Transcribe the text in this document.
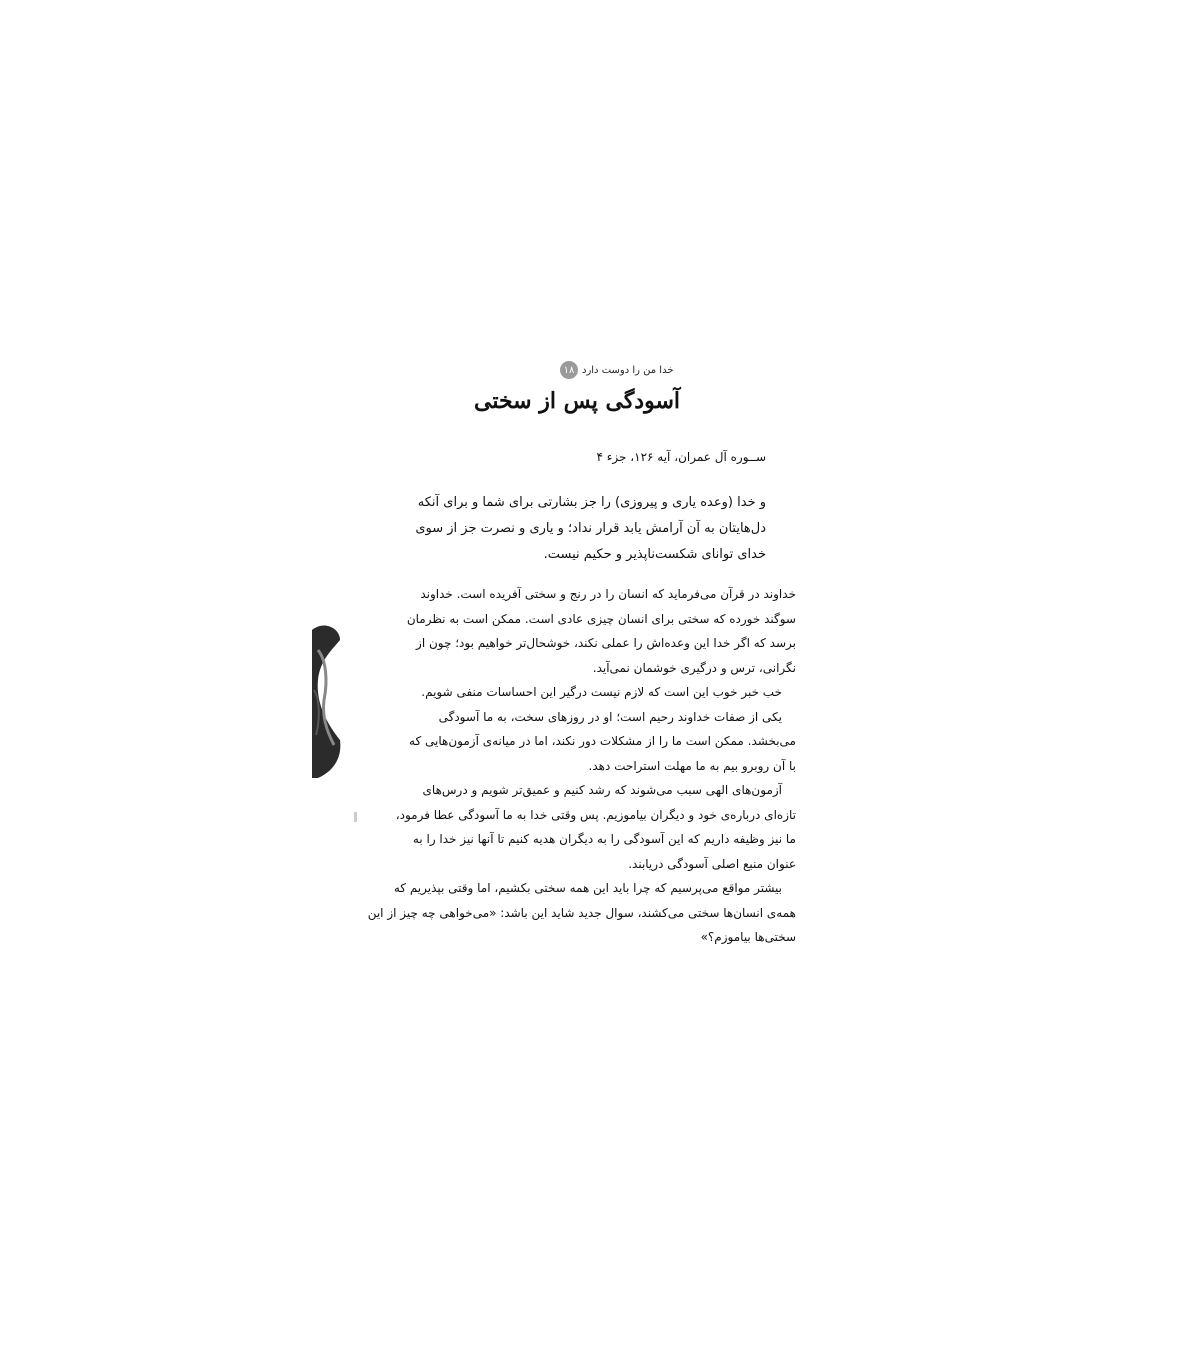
۱۸ خدا من را دوست دارد
آسودگی پس از سختی
ســوره آل عمران، آیه ۱۲۶، جزء ۴

و خدا (وعده یاری و پیروزی) را جز بشارتی برای شما و برای آنکه

دل‌هایتان به آن آرامش یابد قرار نداد؛ و یاری و نصرت جز از سوی

خدای توانای شکست‌ناپذیر و حکیم نیست.

خداوند در قرآن می‌فرماید که انسان را در رنج و سختی آفریده است. خداوند

سوگند خورده که سختی برای انسان چیزی عادی است. ممکن است به نظرمان

برسد که اگر خدا این وعده‌اش را عملی نکند، خوشحال‌تر خواهیم بود؛ چون از

نگرانی، ترس و درگیری خوشمان نمی‌آید.

خب خبر خوب این است که لازم نیست درگیر این احساسات منفی شویم.

یکی از صفات خداوند رحیم است؛ او در روزهای سخت، به ما آسودگی

می‌بخشد. ممکن است ما را از مشکلات دور نکند، اما در میانه‌ی آزمون‌هایی که

با آن روبرو بیم به ما مهلت استراحت دهد.

آزمون‌های الهی سبب می‌شوند که رشد کنیم و عمیق‌تر شویم و درس‌های

تازه‌ای درباره‌ی خود و دیگران بیاموزیم. پس وقتی خدا به ما آسودگی عطا فرمود،

ما نیز وظیفه داریم که این آسودگی را به دیگران هدیه کنیم تا آنها نیز خدا را به

عنوان منبع اصلی آسودگی دریابند.

بیشتر مواقع می‌پرسیم که چرا باید این همه سختی بکشیم، اما وقتی بپذیریم که

همه‌ی انسان‌ها سختی می‌کشند، سوال جدید شاید این باشد: «می‌خواهی چه چیز از این

سختی‌ها بیاموزم؟»
